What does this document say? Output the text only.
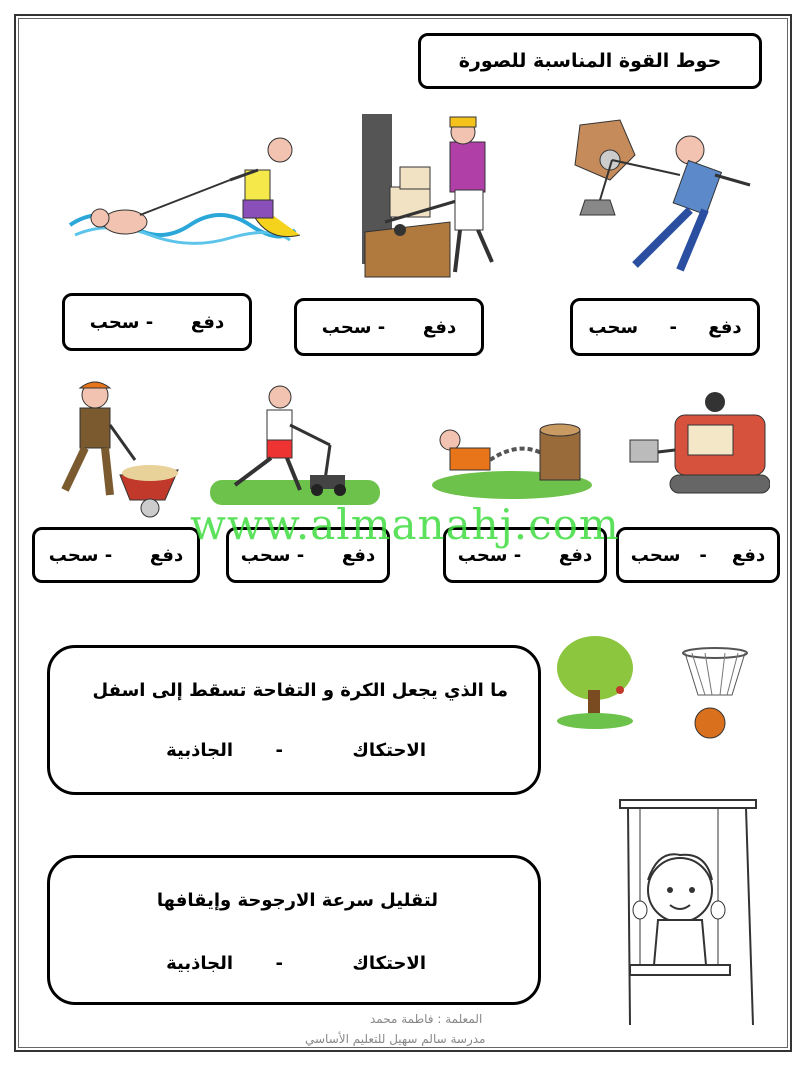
حوط القوة المناسبة للصورة
دفع

-

سحب	دفع

-

سحب	دفع

-

سحب
دفع

-

سحب	دفع

-

سحب	دفع

-

سحب	دفع

-

سحب
www.almanahj.com
ما الذي يجعل الكرة و التفاحة تسقط إلى اسفل
الاحتكاك
-
الجاذبية
لتقليل سرعة الارجوحة وإيقافها
الاحتكاك
-
الجاذبية
المعلمة : فاطمة محمد
مدرسة سالم سهيل للتعليم الأساسي
